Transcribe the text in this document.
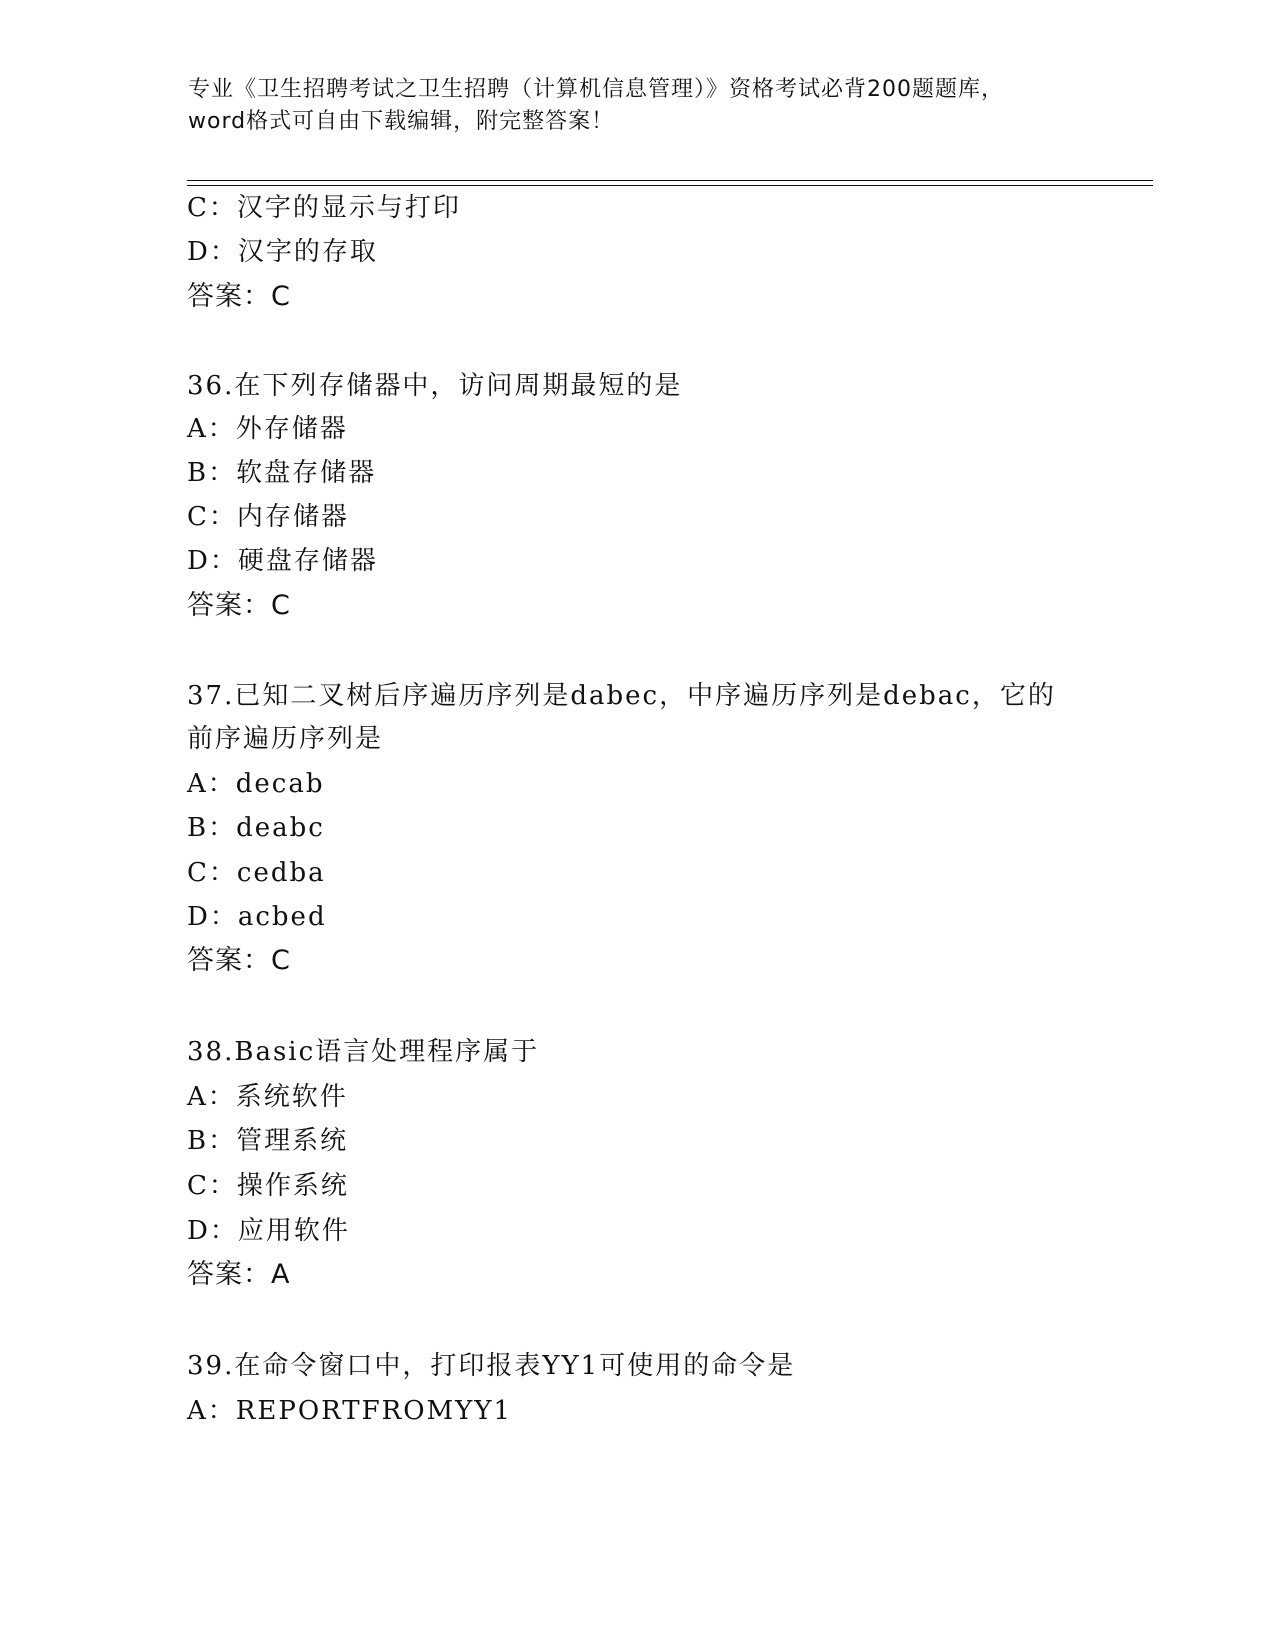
专业《卫生招聘考试之卫生招聘（计算机信息管理）》资格考试必背200题题库，
word格式可自由下载编辑，附完整答案！
C：汉字的显示与打印
D：汉字的存取
答案：C
36.在下列存储器中，访问周期最短的是
A：外存储器
B：软盘存储器
C：内存储器
D：硬盘存储器
答案：C
37.已知二叉树后序遍历序列是dabec，中序遍历序列是debac，它的
前序遍历序列是
A：decab
B：deabc
C：cedba
D：acbed
答案：C
38.Basic语言处理程序属于
A：系统软件
B：管理系统
C：操作系统
D：应用软件
答案：A
39.在命令窗口中，打印报表YY1可使用的命令是
A：REPORTFROMYY1
